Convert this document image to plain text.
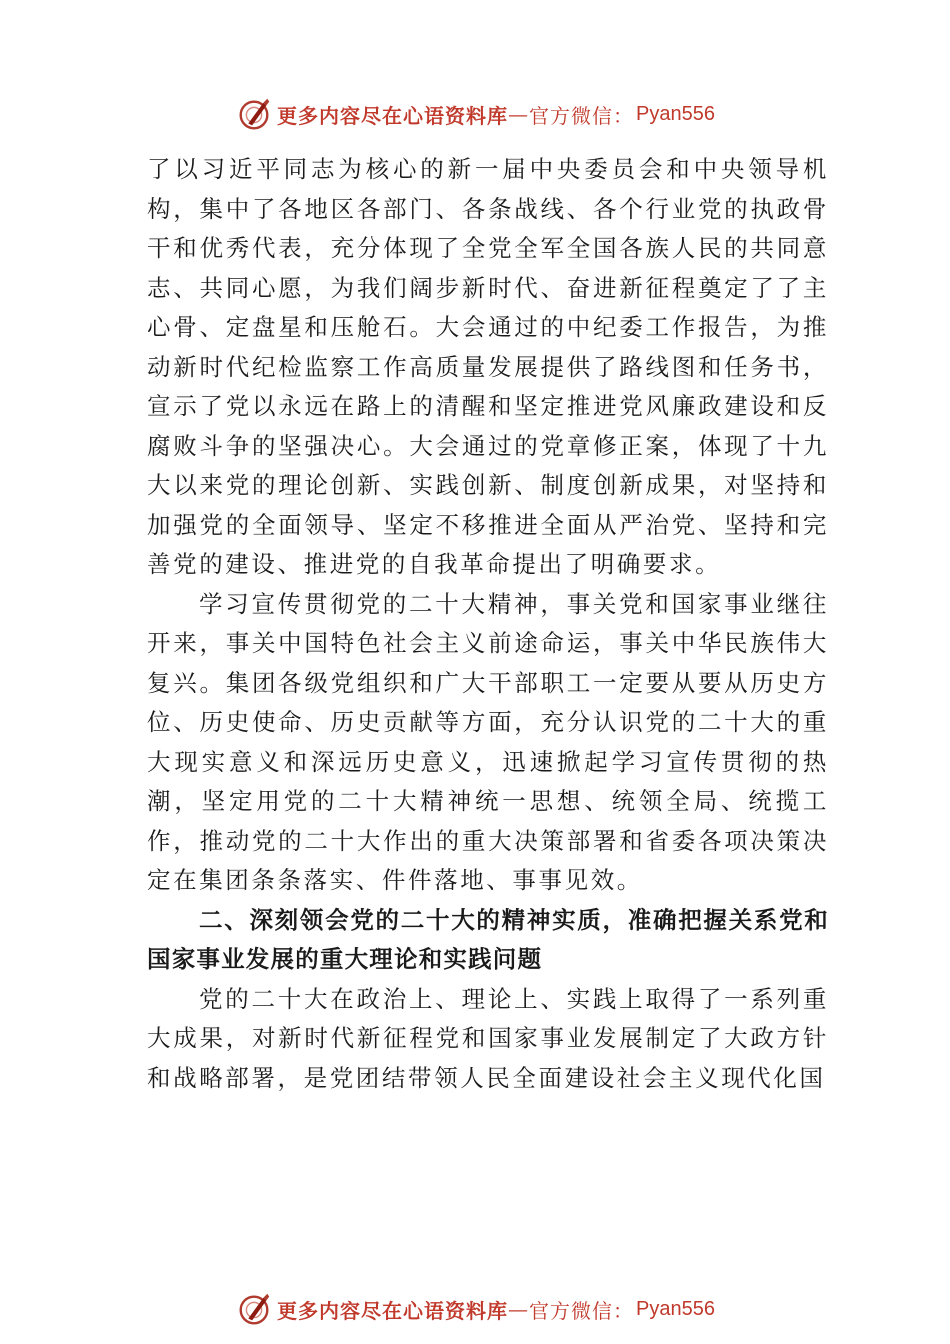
更多内容尽在心语资料库 — 官方微信： Pyan556

了以习近平同志为核心的新一届中央委员会和中央领导机构，集中了各地区各部门、各条战线、各个行业党的执政骨干和优秀代表，充分体现了全党全军全国各族人民的共同意志、共同心愿，为我们阔步新时代、奋进新征程奠定了了主心骨、定盘星和压舱石。大会通过的中纪委工作报告，为推动新时代纪检监察工作高质量发展提供了路线图和任务书， 宣示了党以永远在路上的清醒和坚定推进党风廉政建设和反腐败斗争的坚强决心。大会通过的党章修正案，体现了十九大以来党的理论创新、实践创新、制度创新成果，对坚持和加强党的全面领导、坚定不移推进全面从严治党、坚持和完善党的建设、推进党的自我革命提出了明确要求。

学习宣传贯彻党的二十大精神，事关党和国家事业继往开来，事关中国特色社会主义前途命运，事关中华民族伟大复兴。集团各级党组织和广大干部职工一定要从要从历史方位、历史使命、历史贡献等方面，充分认识党的二十大的重大现实意义和深远历史意义，迅速掀起学习宣传贯彻的热潮，坚定用党的二十大精神统一思想、统领全局、统揽工作，推动党的二十大作出的重大决策部署和省委各项决策决定在集团条条落实、件件落地、事事见效。

二、深刻领会党的二十大的精神实质，准确把握关系党和国家事业发展的重大理论和实践问题

党的二十大在政治上、理论上、实践上取得了一系列重大成果，对新时代新征程党和国家事业发展制定了大政方针和战略部署，是党团结带领人民全面建设社会主义现代化国

更多内容尽在心语资料库 — 官方微信： Pyan556
